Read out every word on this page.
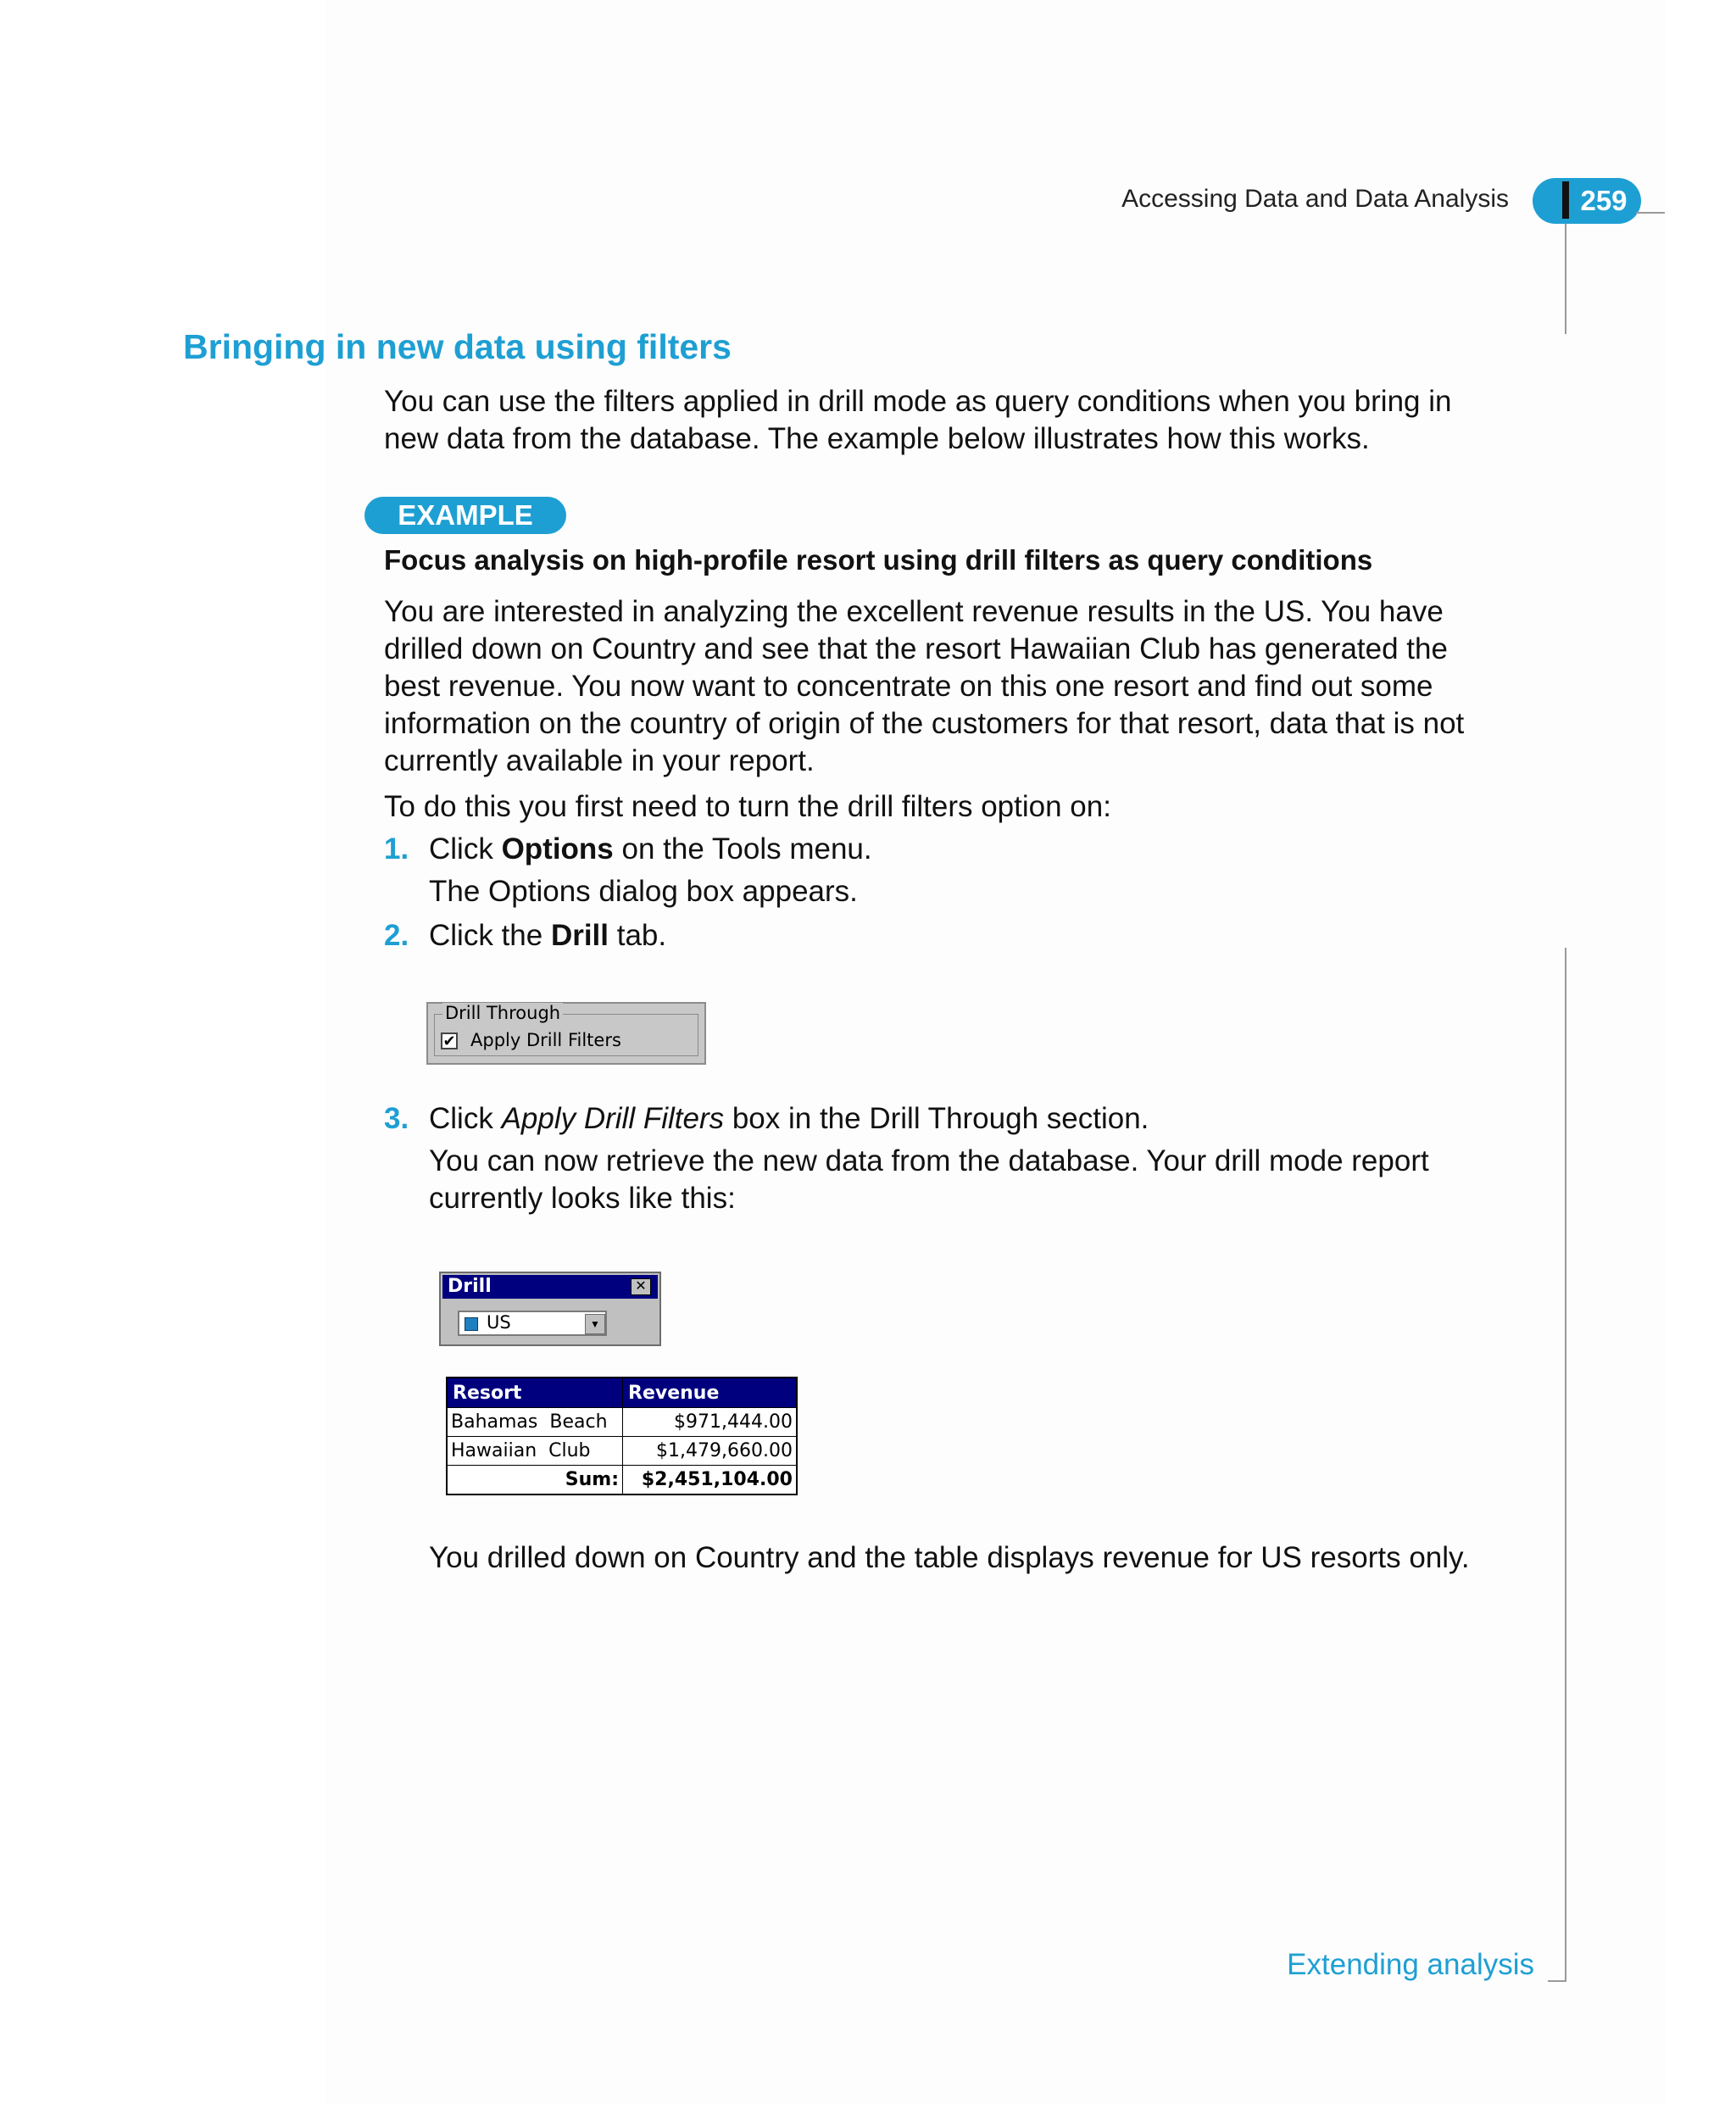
Accessing Data and Data Analysis	259
Bringing in new data using filters
You can use the filters applied in drill mode as query conditions when you bring in new data from the database. The example below illustrates how this works.
EXAMPLE
Focus analysis on high-profile resort using drill filters as query conditions
You are interested in analyzing the excellent revenue results in the US. You have drilled down on Country and see that the resort Hawaiian Club has generated the best revenue. You now want to concentrate on this one resort and find out some information on the country of origin of the customers for that resort, data that is not currently available in your report.
To do this you first need to turn the drill filters option on:
1. Click Options on the Tools menu.
The Options dialog box appears.
2. Click the Drill tab.
Drill Through
✔ Apply Drill Filters
3. Click Apply Drill Filters box in the Drill Through section.
You can now retrieve the new data from the database. Your drill mode report currently looks like this:
Drill	✕
US	▼
Resort	Revenue
Bahamas  Beach	$971,444.00
Hawaiian  Club	$1,479,660.00
Sum:	$2,451,104.00
You drilled down on Country and the table displays revenue for US resorts only.
Extending analysis
